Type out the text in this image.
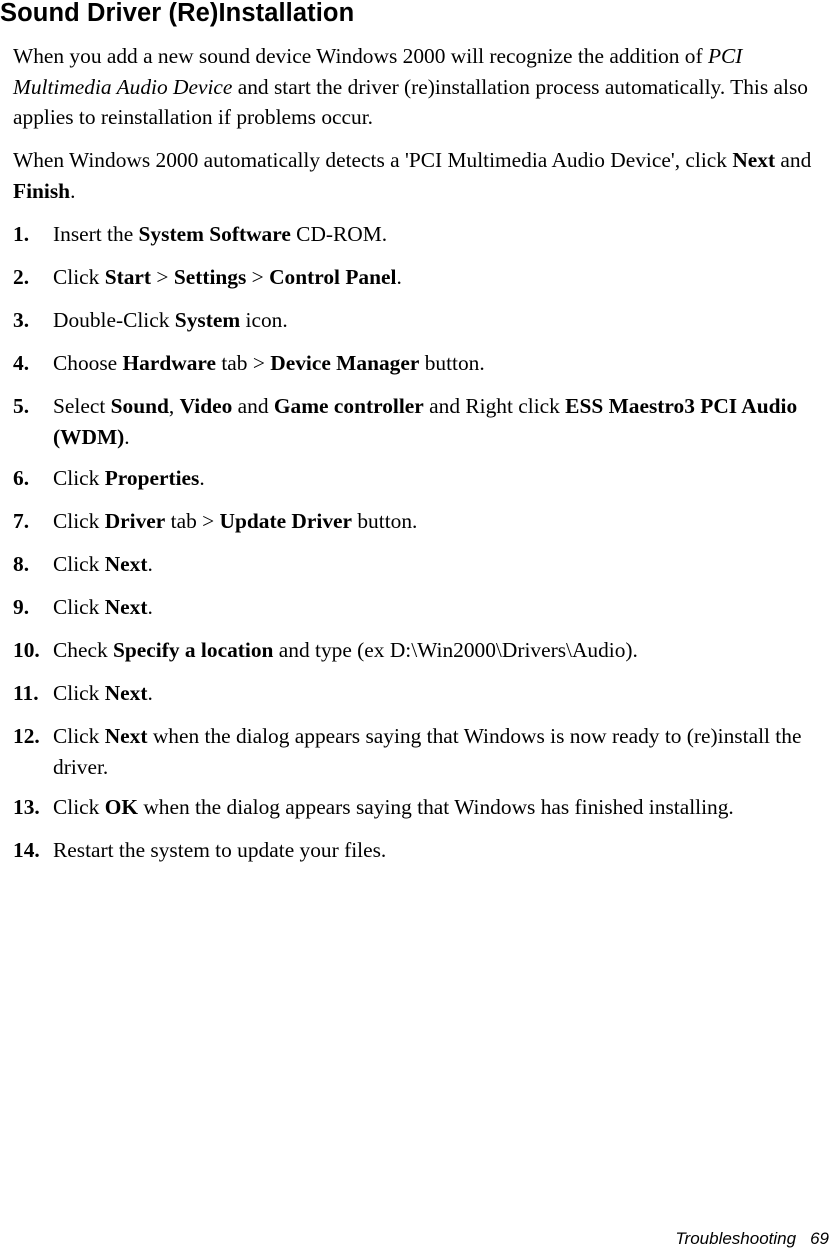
Sound Driver (Re)Installation

When you add a new sound device Windows 2000 will recognize the addition of PCI Multimedia Audio Device and start the driver (re)installation process automatically. This also applies to reinstallation if problems occur.

When Windows 2000 automatically detects a 'PCI Multimedia Audio Device', click Next and Finish.

1. Insert the System Software CD-ROM.
2. Click Start > Settings > Control Panel.
3. Double-Click System icon.
4. Choose Hardware tab > Device Manager button.
5. Select Sound, Video and Game controller and Right click ESS Maestro3 PCI Audio (WDM).
6. Click Properties.
7. Click Driver tab > Update Driver button.
8. Click Next.
9. Click Next.
10. Check Specify a location and type (ex D:\Win2000\Drivers\Audio).
11. Click Next.
12. Click Next when the dialog appears saying that Windows is now ready to (re)install the driver.
13. Click OK when the dialog appears saying that Windows has finished installing.
14. Restart the system to update your files.
Troubleshooting 69
